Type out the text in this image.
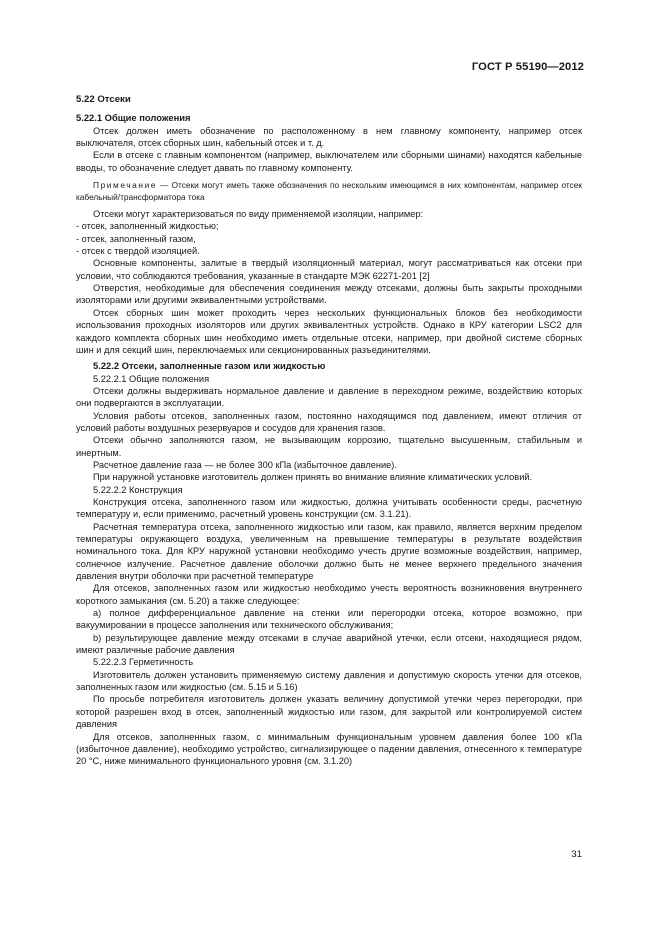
ГОСТ Р 55190—2012

5.22 Отсеки

5.22.1 Общие положения

Отсек должен иметь обозначение по расположенному в нем главному компоненту, например отсек выключателя, отсек сборных шин, кабельный отсек и т. д.

Если в отсеке с главным компонентом (например, выключателем или сборными шинами) находятся кабельные вводы, то обозначение следует давать по главному компоненту.

Примечание — Отсеки могут иметь также обозначения по нескольким имеющимся в них компонентам, например отсек кабельный/трансформатора тока

Отсеки могут характеризоваться по виду применяемой изоляции, например:

- отсек, заполненный жидкостью;

- отсек, заполненный газом,

- отсек с твердой изоляцией.

Основные компоненты, залитые в твердый изоляционный материал, могут рассматриваться как отсеки при условии, что соблюдаются требования, указанные в стандарте МЭК 62271-201 [2]

Отверстия, необходимые для обеспечения соединения между отсеками, должны быть закрыты проходными изоляторами или другими эквивалентными устройствами.

Отсек сборных шин может проходить через нескольких функциональных блоков без необходимости использования проходных изоляторов или других эквивалентных устройств. Однако в КРУ категории LSC2 для каждого комплекта сборных шин необходимо иметь отдельные отсеки, например, при двойной системе сборных шин и для секций шин, переключаемых или секционированных разъединителями.

5.22.2 Отсеки, заполненные газом или жидкостью

5.22.2.1 Общие положения

Отсеки должны выдерживать нормальное давление и давление в переходном режиме, воздействию которых они подвергаются в эксплуатации.

Условия работы отсеков, заполненных газом, постоянно находящимся под давлением, имеют отличия от условий работы воздушных резервуаров и сосудов для хранения газов.

Отсеки обычно заполняются газом, не вызывающим коррозию, тщательно высушенным, стабильным и инертным.

Расчетное давление газа — не более 300 кПа (избыточное давление).

При наружной установке изготовитель должен принять во внимание влияние климатических условий.

5.22.2.2 Конструкция

Конструкция отсека, заполненного газом или жидкостью, должна учитывать особенности среды, расчетную температуру и, если применимо, расчетный уровень конструкции (см. 3.1.21).

Расчетная температура отсека, заполненного жидкостью или газом, как правило, является верхним пределом температуры окружающего воздуха, увеличенным на превышение температуры в результате воздействия номинального тока. Для КРУ наружной установки необходимо учесть другие возможные воздействия, например, солнечное излучение. Расчетное давление оболочки должно быть не менее верхнего предельного значения давления внутри оболочки при расчетной температуре

Для отсеков, заполненных газом или жидкостью необходимо учесть вероятность возникновения внутреннего короткого замыкания (см. 5.20) а также следующее:

a) полное дифференциальное давление на стенки или перегородки отсека, которое возможно, при вакуумировании в процессе заполнения или технического обслуживания;

b) результирующее давление между отсеками в случае аварийной утечки, если отсеки, находящиеся рядом, имеют различные рабочие давления

5.22.2.3 Герметичность

Изготовитель должен установить применяемую систему давления и допустимую скорость утечки для отсеков, заполненных газом или жидкостью (см. 5.15 и 5.16)

По просьбе потребителя изготовитель должен указать величину допустимой утечки через перегородки, при которой разрешен вход в отсек, заполненный жидкостью или газом, для закрытой или контролируемой систем давления

Для отсеков, заполненных газом, с минимальным функциональным уровнем давления более 100 кПа (избыточное давление), необходимо устройство, сигнализирующее о падении давления, отнесенного к температуре 20 °С, ниже минимального функционального уровня (см. 3.1.20)

31
